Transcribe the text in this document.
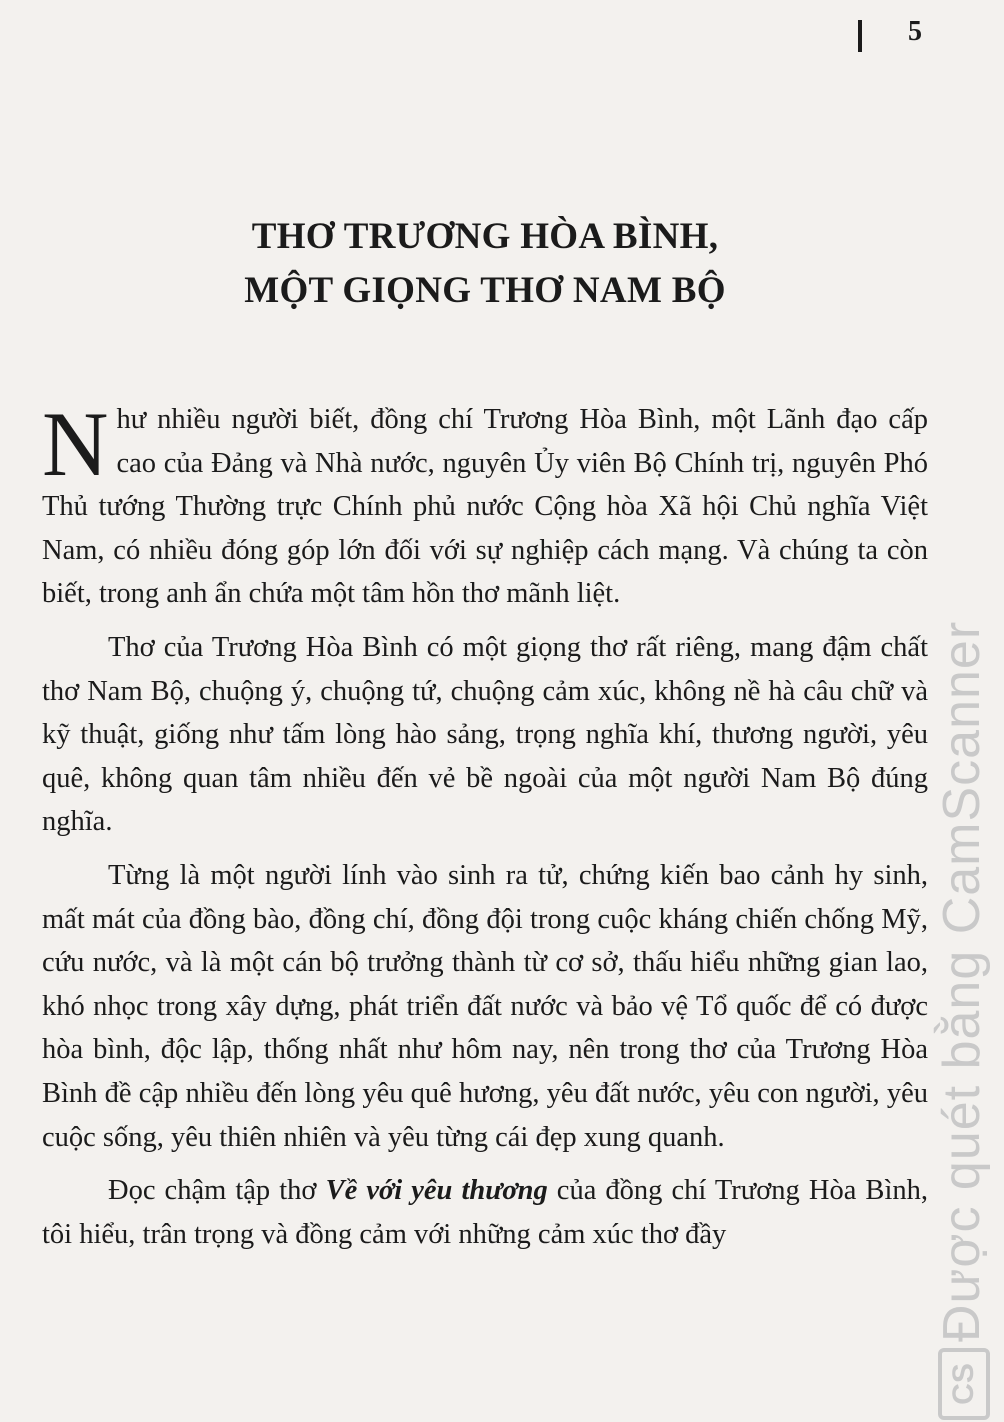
5
THƠ TRƯƠNG HÒA BÌNH,
MỘT GIỌNG THƠ NAM BỘ

Như nhiều người biết, đồng chí Trương Hòa Bình, một Lãnh đạo cấp cao của Đảng và Nhà nước, nguyên Ủy viên Bộ Chính trị, nguyên Phó Thủ tướng Thường trực Chính phủ nước Cộng hòa Xã hội Chủ nghĩa Việt Nam, có nhiều đóng góp lớn đối với sự nghiệp cách mạng. Và chúng ta còn biết, trong anh ẩn chứa một tâm hồn thơ mãnh liệt.

Thơ của Trương Hòa Bình có một giọng thơ rất riêng, mang đậm chất thơ Nam Bộ, chuộng ý, chuộng tứ, chuộng cảm xúc, không nề hà câu chữ và kỹ thuật, giống như tấm lòng hào sảng, trọng nghĩa khí, thương người, yêu quê, không quan tâm nhiều đến vẻ bề ngoài của một người Nam Bộ đúng nghĩa.

Từng là một người lính vào sinh ra tử, chứng kiến bao cảnh hy sinh, mất mát của đồng bào, đồng chí, đồng đội trong cuộc kháng chiến chống Mỹ, cứu nước, và là một cán bộ trưởng thành từ cơ sở, thấu hiểu những gian lao, khó nhọc trong xây dựng, phát triển đất nước và bảo vệ Tổ quốc để có được hòa bình, độc lập, thống nhất như hôm nay, nên trong thơ của Trương Hòa Bình đề cập nhiều đến lòng yêu quê hương, yêu đất nước, yêu con người, yêu cuộc sống, yêu thiên nhiên và yêu từng cái đẹp xung quanh.

Đọc chậm tập thơ Về với yêu thương của đồng chí Trương Hòa Bình, tôi hiểu, trân trọng và đồng cảm với những cảm xúc thơ đầy	Được quét bằng CamScanner
CS
